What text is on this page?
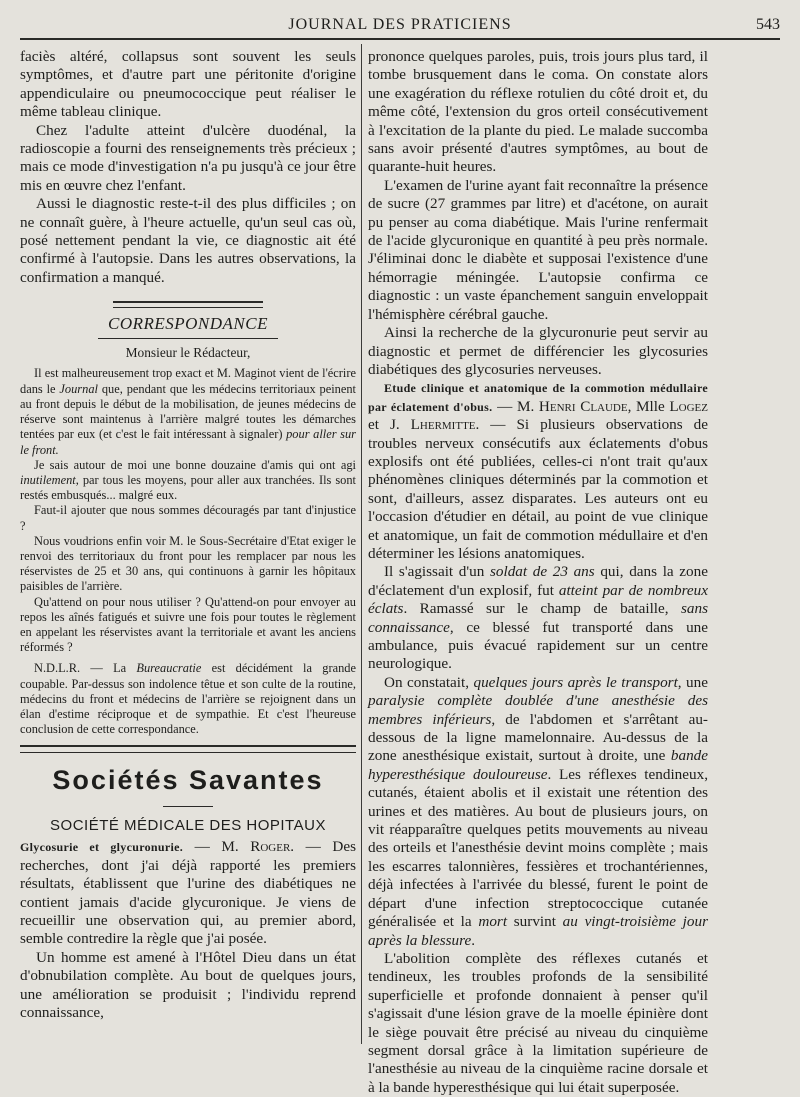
JOURNAL DES PRATICIENS	543

faciès altéré, collapsus sont souvent les seuls symptômes, et d'autre part une péritonite d'origine appendiculaire ou pneumococcique peut réaliser le même tableau clinique.

Chez l'adulte atteint d'ulcère duodénal, la radioscopie a fourni des renseignements très précieux ; mais ce mode d'investigation n'a pu jusqu'à ce jour être mis en œuvre chez l'enfant.

Aussi le diagnostic reste-t-il des plus difficiles ; on ne connaît guère, à l'heure actuelle, qu'un seul cas où, posé nettement pendant la vie, ce diagnostic ait été confirmé à l'autopsie. Dans les autres observations, la confirmation a manqué.

CORRESPONDANCE

Monsieur le Rédacteur,

Il est malheureusement trop exact et M. Maginot vient de l'écrire dans le Journal que, pendant que les médecins territoriaux peinent au front depuis le début de la mobilisation, de jeunes médecins de réserve sont maintenus à l'arrière malgré toutes les démarches tentées par eux (et c'est le fait intéressant à signaler) pour aller sur le front.

Je sais autour de moi une bonne douzaine d'amis qui ont agi inutilement, par tous les moyens, pour aller aux tranchées. Ils sont restés embusqués... malgré eux.

Faut-il ajouter que nous sommes découragés par tant d'injustice ?

Nous voudrions enfin voir M. le Sous-Secrétaire d'Etat exiger le renvoi des territoriaux du front pour les remplacer par nous les réservistes de 25 et 30 ans, qui continuons à garnir les hôpitaux paisibles de l'arrière.

Qu'attend on pour nous utiliser ? Qu'attend-on pour envoyer au repos les aînés fatigués et suivre une fois pour toutes le règlement en appelant les réservistes avant la territoriale et avant les anciens réformés ?

N.D.L.R. — La Bureaucratie est décidément la grande coupable. Par-dessus son indolence têtue et son culte de la routine, médecins du front et médecins de l'arrière se rejoignent dans un élan d'estime réciproque et de sympathie. Et c'est l'heureuse conclusion de cette correspondance.

Sociétés Savantes
SOCIÉTÉ MÉDICALE DES HOPITAUX

Glycosurie et glycuronurie. — M. Roger. — Des recherches, dont j'ai déjà rapporté les premiers résultats, établissent que l'urine des diabétiques ne contient jamais d'acide glycuronique. Je viens de recueillir une observation qui, au premier abord, semble contredire la règle que j'ai posée.

Un homme est amené à l'Hôtel Dieu dans un état d'obnubilation complète. Au bout de quelques jours, une amélioration se produisit ; l'individu reprend connaissance,

prononce quelques paroles, puis, trois jours plus tard, il tombe brusquement dans le coma. On constate alors une exagération du réflexe rotulien du côté droit et, du même côté, l'extension du gros orteil consécutivement à l'excitation de la plante du pied. Le malade succomba sans avoir présenté d'autres symptômes, au bout de quarante-huit heures.

L'examen de l'urine ayant fait reconnaître la présence de sucre (27 grammes par litre) et d'acétone, on aurait pu penser au coma diabétique. Mais l'urine renfermait de l'acide glycuronique en quantité à peu près normale. J'éliminai donc le diabète et supposai l'existence d'une hémorragie méningée. L'autopsie confirma ce diagnostic : un vaste épanchement sanguin enveloppait l'hémisphère cérébral gauche.

Ainsi la recherche de la glycuronurie peut servir au diagnostic et permet de différencier les glycosuries diabétiques des glycosuries nerveuses.

Etude clinique et anatomique de la commotion médullaire par éclatement d'obus. — M. Henri Claude, Mlle Logez et J. Lhermitte. — Si plusieurs observations de troubles nerveux consécutifs aux éclatements d'obus explosifs ont été publiées, celles-ci n'ont trait qu'aux phénomènes cliniques déterminés par la commotion et sont, d'ailleurs, assez disparates. Les auteurs ont eu l'occasion d'étudier en détail, au point de vue clinique et anatomique, un fait de commotion médullaire et d'en déterminer les lésions anatomiques.

Il s'agissait d'un soldat de 23 ans qui, dans la zone d'éclatement d'un explosif, fut atteint par de nombreux éclats. Ramassé sur le champ de bataille, sans connaissance, ce blessé fut transporté dans une ambulance, puis évacué rapidement sur un centre neurologique.

On constatait, quelques jours après le transport, une paralysie complète doublée d'une anesthésie des membres inférieurs, de l'abdomen et s'arrêtant au-dessous de la ligne mamelonnaire. Au-dessus de la zone anesthésique existait, surtout à droite, une bande hyperesthésique douloureuse. Les réflexes tendineux, cutanés, étaient abolis et il existait une rétention des urines et des matières. Au bout de plusieurs jours, on vit réapparaître quelques petits mouvements au niveau des orteils et l'anesthésie devint moins complète ; mais les escarres talonnières, fessières et trochantériennes, déjà infectées à l'arrivée du blessé, furent le point de départ d'une infection streptococcique cutanée généralisée et la mort survint au vingt-troisième jour après la blessure.

L'abolition complète des réflexes cutanés et tendineux, les troubles profonds de la sensibilité superficielle et profonde donnaient à penser qu'il s'agissait d'une lésion grave de la moelle épinière dont le siège pouvait être précisé au niveau du cinquième segment dorsal grâce à la limitation supérieure de l'anesthésie au niveau de la cinquième racine dorsale et à la bande hyperesthésique qui lui était superposée.
